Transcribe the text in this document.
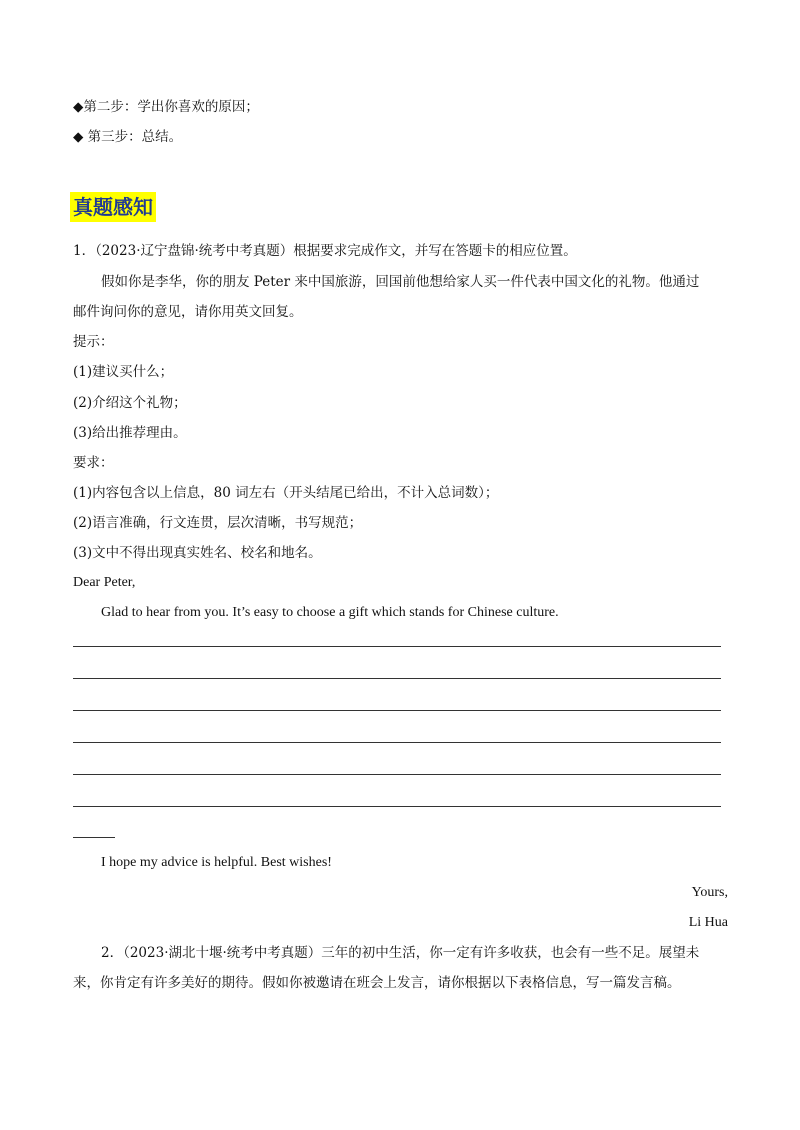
◆第二步：学出你喜欢的原因；
◆ 第三步：总结。
真题感知
1．（2023·辽宁盘锦·统考中考真题）根据要求完成作文，并写在答题卡的相应位置。
假如你是李华，你的朋友 Peter 来中国旅游，回国前他想给家人买一件代表中国文化的礼物。他通过
邮件询问你的意见，请你用英文回复。
提示：
(1)建议买什么；
(2)介绍这个礼物；
(3)给出推荐理由。
要求：
(1)内容包含以上信息，80 词左右（开头结尾已给出，不计入总词数）；
(2)语言准确，行文连贯，层次清晰，书写规范；
(3)文中不得出现真实姓名、校名和地名。
Dear Peter,
Glad to hear from you. It’s easy to choose a gift which stands for Chinese culture.
I hope my advice is helpful. Best wishes!
Yours,
Li Hua
2．（2023·湖北十堰·统考中考真题）三年的初中生活，你一定有许多收获，也会有一些不足。展望未
来，你肯定有许多美好的期待。假如你被邀请在班会上发言，请你根据以下表格信息，写一篇发言稿。
